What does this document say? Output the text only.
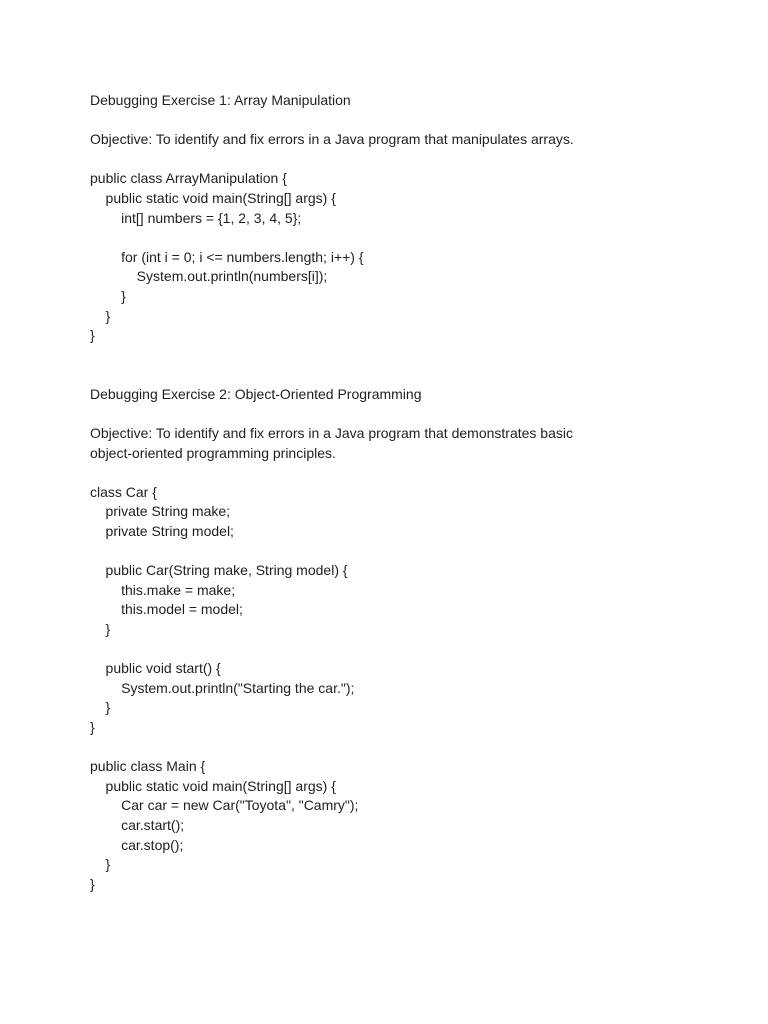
Debugging Exercise 1: Array Manipulation
Objective: To identify and fix errors in a Java program that manipulates arrays.
public class ArrayManipulation {
public static void main(String[] args) {
int[] numbers = {1, 2, 3, 4, 5};
for (int i = 0; i <= numbers.length; i++) {
System.out.println(numbers[i]);
}
}
}
Debugging Exercise 2: Object-Oriented Programming
Objective: To identify and fix errors in a Java program that demonstrates basic
object-oriented programming principles.
class Car {
private String make;
private String model;
public Car(String make, String model) {
this.make = make;
this.model = model;
}
public void start() {
System.out.println("Starting the car.");
}
}
public class Main {
public static void main(String[] args) {
Car car = new Car("Toyota", "Camry");
car.start();
car.stop();
}
}
